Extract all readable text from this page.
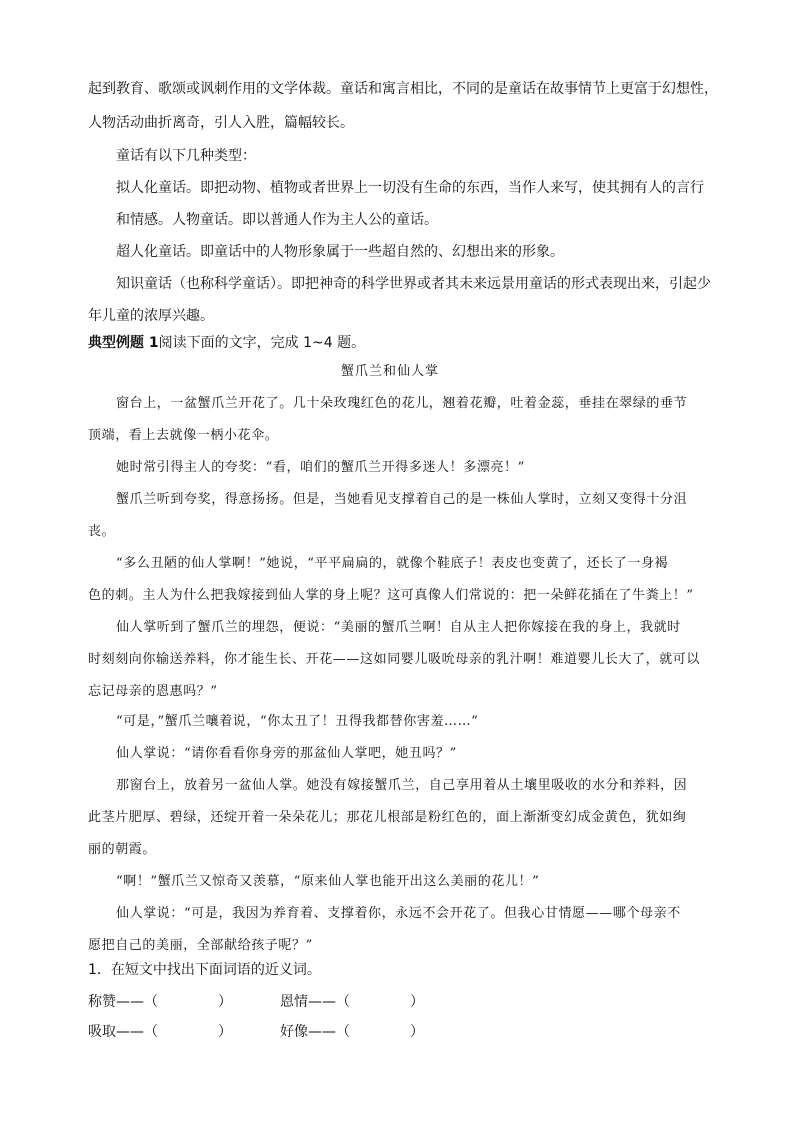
起到教育、歌颂或讽刺作用的文学体裁。童话和寓言相比，不同的是童话在故事情节上更富于幻想性，
人物活动曲折离奇，引人入胜，篇幅较长。
童话有以下几种类型：
拟人化童话。即把动物、植物或者世界上一切没有生命的东西，当作人来写，使其拥有人的言行
和情感。人物童话。即以普通人作为主人公的童话。
超人化童话。即童话中的人物形象属于一些超自然的、幻想出来的形象。
知识童话（也称科学童话）。即把神奇的科学世界或者其未来远景用童话的形式表现出来，引起少
年儿童的浓厚兴趣。
典型例题 1阅读下面的文字，完成 1~4 题。
蟹爪兰和仙人掌
窗台上，一盆蟹爪兰开花了。几十朵玫瑰红色的花儿，翘着花瓣，吐着金蕊，垂挂在翠绿的垂节
顶端，看上去就像一柄小花伞。
她时常引得主人的夸奖：“看，咱们的蟹爪兰开得多迷人！多漂亮！”
蟹爪兰听到夸奖，得意扬扬。但是，当她看见支撑着自己的是一株仙人掌时，立刻又变得十分沮
丧。
“多么丑陋的仙人掌啊！”她说，“平平扁扁的，就像个鞋底子！表皮也变黄了，还长了一身褐
色的刺。主人为什么把我嫁接到仙人掌的身上呢？这可真像人们常说的：把一朵鲜花插在了牛粪上！”
仙人掌听到了蟹爪兰的埋怨，便说：“美丽的蟹爪兰啊！自从主人把你嫁接在我的身上，我就时
时刻刻向你输送养料，你才能生长、开花——这如同婴儿吸吮母亲的乳汁啊！难道婴儿长大了，就可以
忘记母亲的恩惠吗？”
“可是，”蟹爪兰嚷着说，“你太丑了！丑得我都替你害羞……”
仙人掌说：“请你看看你身旁的那盆仙人掌吧，她丑吗？”
那窗台上，放着另一盆仙人掌。她没有嫁接蟹爪兰，自己享用着从土壤里吸收的水分和养料，因
此茎片肥厚、碧绿，还绽开着一朵朵花儿；那花儿根部是粉红色的，面上渐渐变幻成金黄色，犹如绚
丽的朝霞。
“啊！”蟹爪兰又惊奇又羡慕，“原来仙人掌也能开出这么美丽的花儿！”
仙人掌说：“可是，我因为养育着、支撑着你，永远不会开花了。但我心甘情愿——哪个母亲不
愿把自己的美丽，全部献给孩子呢？”
1．在短文中找出下面词语的近义词。
称赞——（	）	恩情——（	）
吸取——（	）	好像——（	）
